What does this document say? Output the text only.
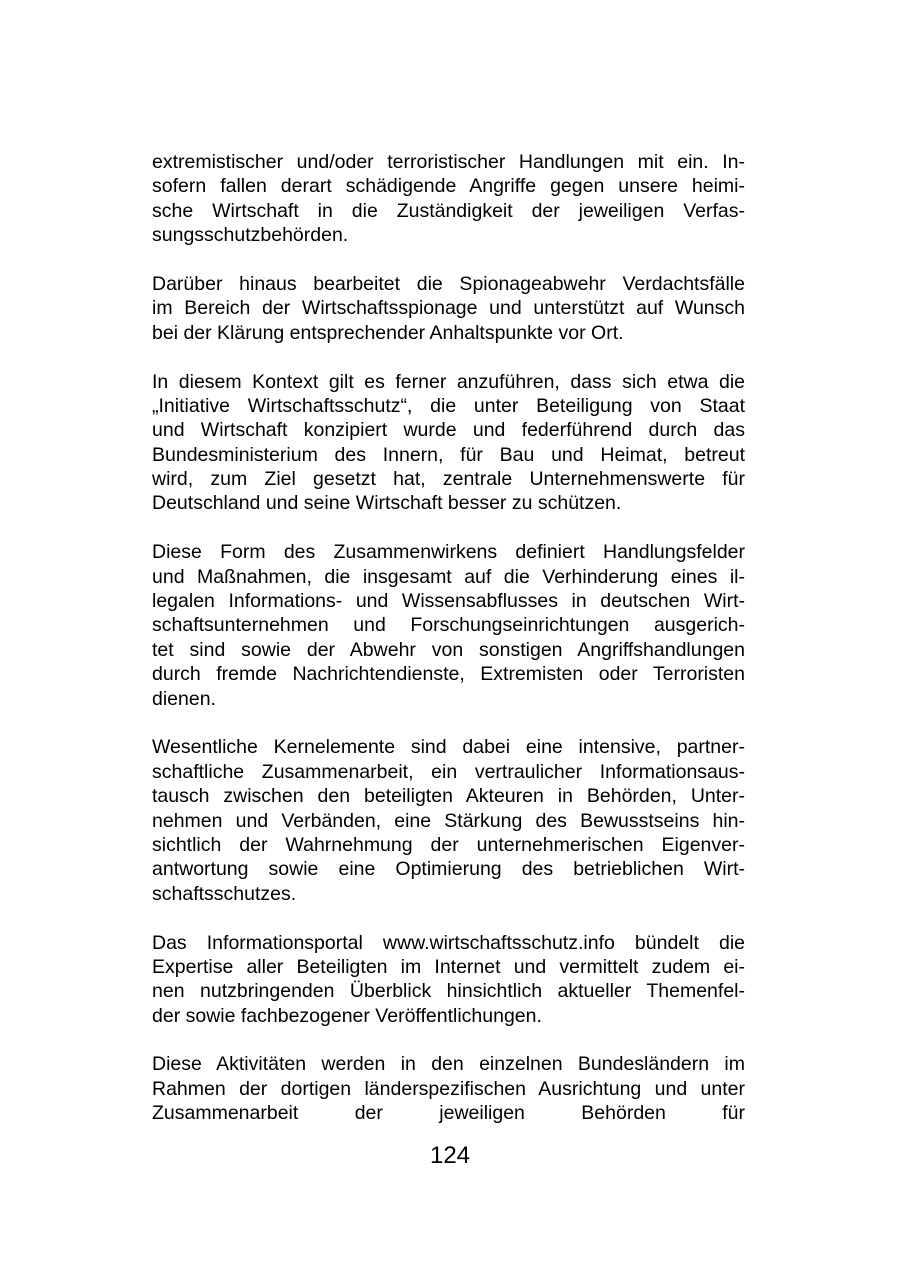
extremistischer und/oder terroristischer Handlungen mit ein. In-
sofern fallen derart schädigende Angriffe gegen unsere heimi-
sche Wirtschaft in die Zuständigkeit der jeweiligen Verfas-
sungsschutzbehörden.
Darüber hinaus bearbeitet die Spionageabwehr Verdachtsfälle
im Bereich der Wirtschaftsspionage und unterstützt auf Wunsch
bei der Klärung entsprechender Anhaltspunkte vor Ort.
In diesem Kontext gilt es ferner anzuführen, dass sich etwa die
„Initiative Wirtschaftsschutz“, die unter Beteiligung von Staat
und Wirtschaft konzipiert wurde und federführend durch das
Bundesministerium des Innern, für Bau und Heimat, betreut
wird, zum Ziel gesetzt hat, zentrale Unternehmenswerte für
Deutschland und seine Wirtschaft besser zu schützen.
Diese Form des Zusammenwirkens definiert Handlungsfelder
und Maßnahmen, die insgesamt auf die Verhinderung eines il-
legalen Informations- und Wissensabflusses in deutschen Wirt-
schaftsunternehmen und Forschungseinrichtungen ausgerich-
tet sind sowie der Abwehr von sonstigen Angriffshandlungen
durch fremde Nachrichtendienste, Extremisten oder Terroristen
dienen.
Wesentliche Kernelemente sind dabei eine intensive, partner-
schaftliche Zusammenarbeit, ein vertraulicher Informationsaus-
tausch zwischen den beteiligten Akteuren in Behörden, Unter-
nehmen und Verbänden, eine Stärkung des Bewusstseins hin-
sichtlich der Wahrnehmung der unternehmerischen Eigenver-
antwortung sowie eine Optimierung des betrieblichen Wirt-
schaftsschutzes.
Das Informationsportal www.wirtschaftsschutz.info bündelt die
Expertise aller Beteiligten im Internet und vermittelt zudem ei-
nen nutzbringenden Überblick hinsichtlich aktueller Themenfel-
der sowie fachbezogener Veröffentlichungen.
Diese Aktivitäten werden in den einzelnen Bundesländern im
Rahmen der dortigen länderspezifischen Ausrichtung und unter
Zusammenarbeit der jeweiligen Behörden für
124
